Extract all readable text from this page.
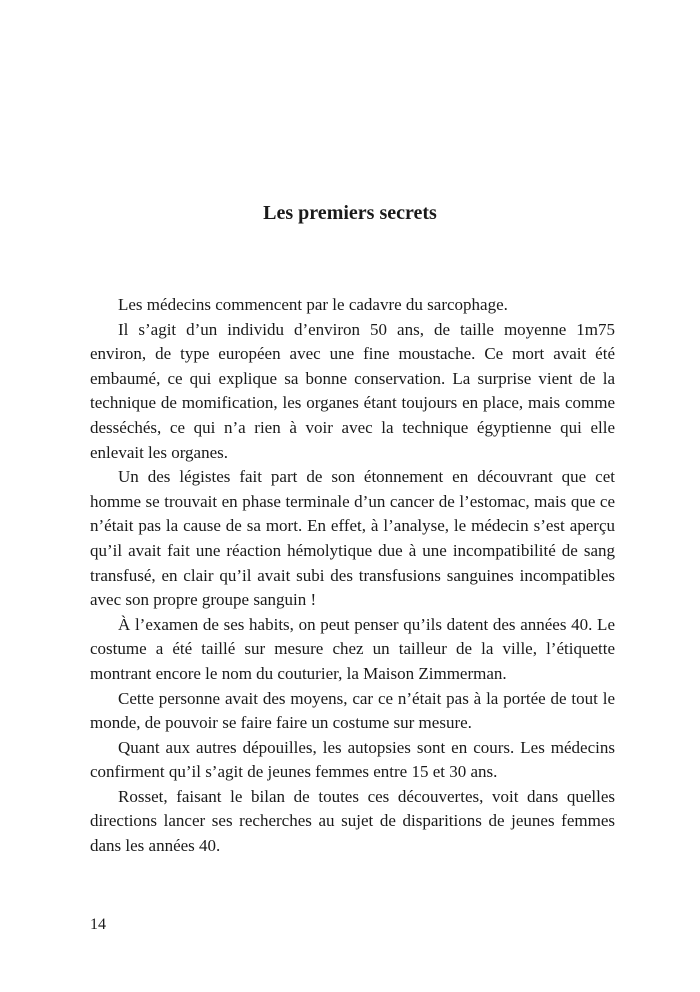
Les premiers secrets

Les médecins commencent par le cadavre du sarcophage.

Il s’agit d’un individu d’environ 50 ans, de taille moyenne 1m75 environ, de type européen avec une fine moustache. Ce mort avait été embaumé, ce qui explique sa bonne conservation. La surprise vient de la technique de momification, les organes étant toujours en place, mais comme desséchés, ce qui n’a rien à voir avec la technique égyptienne qui elle enlevait les organes.

Un des légistes fait part de son étonnement en découvrant que cet homme se trouvait en phase terminale d’un cancer de l’estomac, mais que ce n’était pas la cause de sa mort. En effet, à l’analyse, le médecin s’est aperçu qu’il avait fait une réaction hémolytique due à une incompatibilité de sang transfusé, en clair qu’il avait subi des transfusions sanguines incompatibles avec son propre groupe sanguin !

À l’examen de ses habits, on peut penser qu’ils datent des années 40. Le costume a été taillé sur mesure chez un tailleur de la ville, l’étiquette montrant encore le nom du couturier, la Maison Zimmerman.

Cette personne avait des moyens, car ce n’était pas à la portée de tout le monde, de pouvoir se faire faire un costume sur mesure.

Quant aux autres dépouilles, les autopsies sont en cours. Les médecins confirment qu’il s’agit de jeunes femmes entre 15 et 30 ans.

Rosset, faisant le bilan de toutes ces découvertes, voit dans quelles directions lancer ses recherches au sujet de disparitions de jeunes femmes dans les années 40.

14
